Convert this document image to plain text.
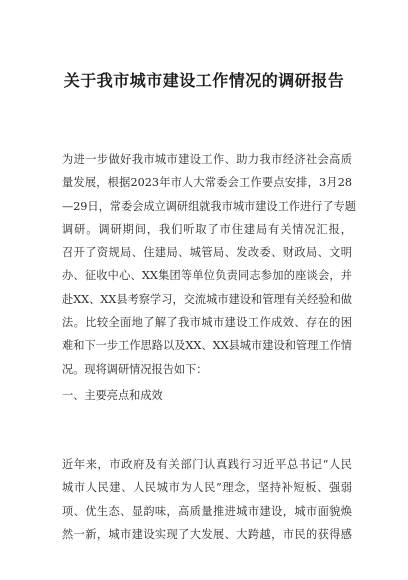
关于我市城市建设工作情况的调研报告
为进一步做好我市城市建设工作、助力我市经济社会高质
量发展，根据2023年市人大常委会工作要点安排，3月28
—29日，常委会成立调研组就我市城市建设工作进行了专题
调研。调研期间，我们听取了市住建局有关情况汇报，
召开了资规局、住建局、城管局、发改委、财政局、文明
办、征收中心、XX集团等单位负责同志参加的座谈会，并
赴XX、XX县考察学习，交流城市建设和管理有关经验和做
法。比较全面地了解了我市城市建设工作成效、存在的困
难和下一步工作思路以及XX、XX县城市建设和管理工作情
况。现将调研情况报告如下：
一、主要亮点和成效
近年来，市政府及有关部门认真践行习近平总书记“人民
城市人民建、人民城市为人民”理念，坚持补短板、强弱
项、优生态、显韵味，高质量推进城市建设，城市面貌焕
然一新，城市建设实现了大发展、大跨越，市民的获得感
